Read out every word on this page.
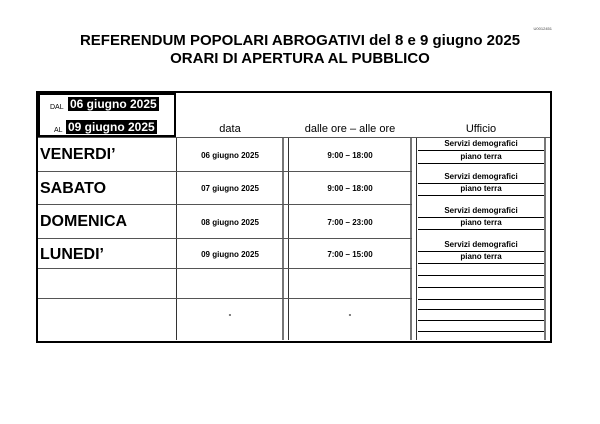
U0012451
REFERENDUM POPOLARI ABROGATIVI del 8 e 9 giugno 2025
ORARI DI APERTURA AL PUBBLICO
DAL 06 giugno 2025
AL 09 giugno 2025	data	dalle ore – alle ore	Ufficio
VENERDI’	06 giugno 2025	9:00 – 18:00
Servizi demografici
piano terra
SABATO	07 giugno 2025	9:00 – 18:00
Servizi demografici
piano terra
DOMENICA	08 giugno 2025	7:00 – 23:00
Servizi demografici
piano terra
LUNEDI’	09 giugno 2025	7:00 – 15:00
Servizi demografici
piano terra
-	-
